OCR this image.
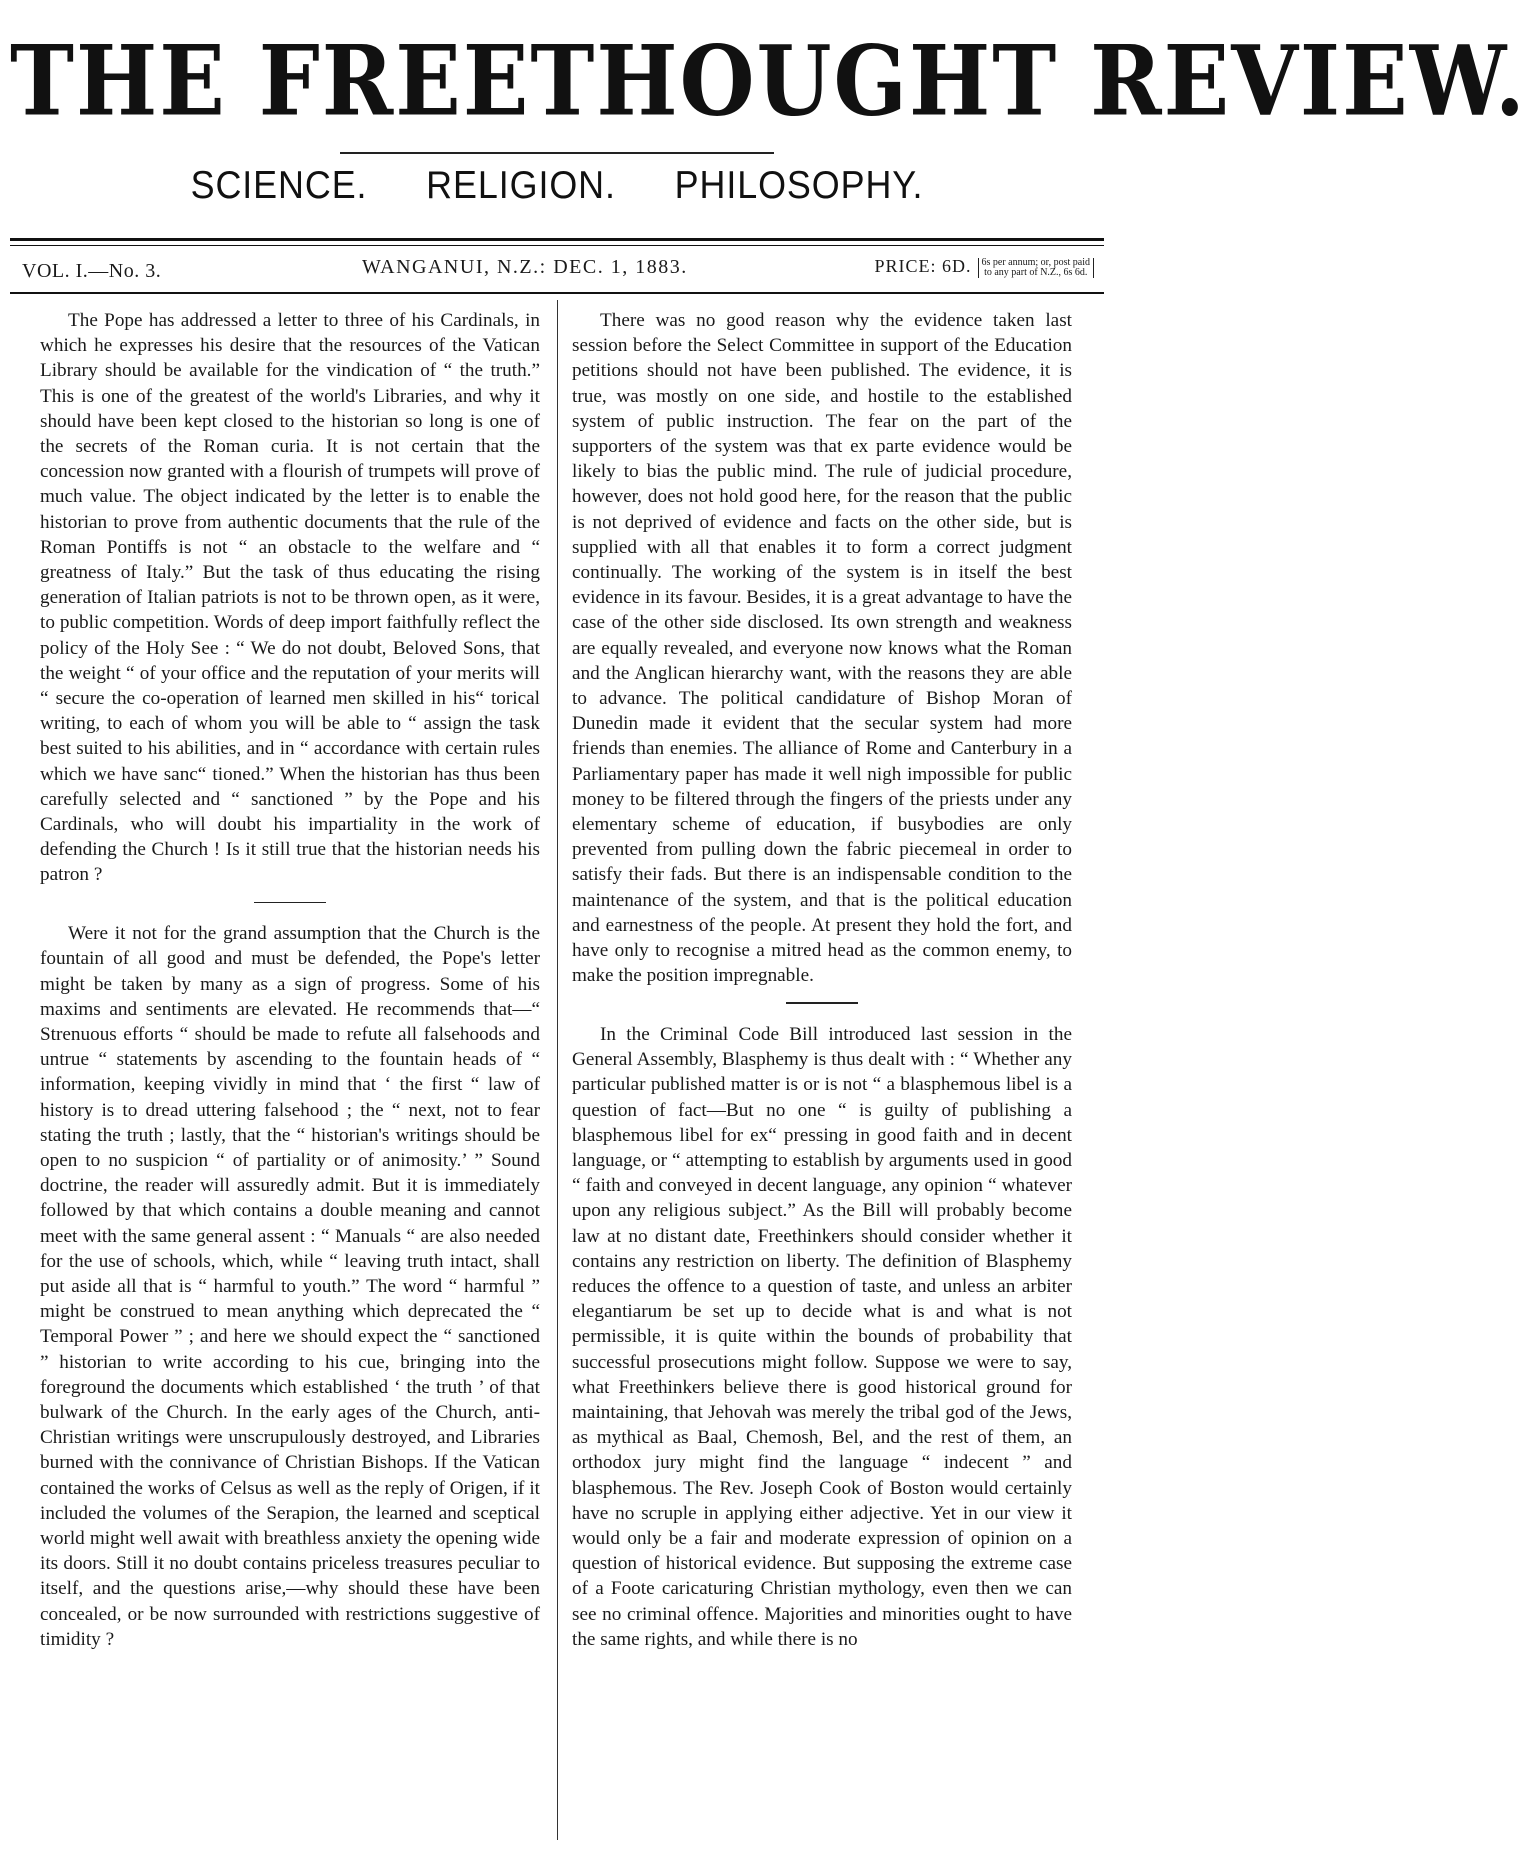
THE FREETHOUGHT REVIEW.
SCIENCE. RELIGION. PHILOSOPHY.
VOL. I.—No. 3.	WANGANUI, N.Z.: DEC. 1, 1883.	PRICE: 6D. 6s per annum; or, post paid
to any part of N.Z., 6s 6d.

The Pope has addressed a letter to three of his Cardinals, in which he expresses his desire that the resources of the Vatican Library should be available for the vindication of “ the truth.” This is one of the greatest of the world's Libraries, and why it should have been kept closed to the historian so long is one of the secrets of the Roman curia. It is not certain that the concession now granted with a flourish of trumpets will prove of much value. The object indicated by the letter is to enable the historian to prove from authentic documents that the rule of the Roman Pontiffs is not “ an obstacle to the welfare and “ greatness of Italy.” But the task of thus educating the rising generation of Italian patriots is not to be thrown open, as it were, to public competition. Words of deep import faithfully reflect the policy of the Holy See : “ We do not doubt, Beloved Sons, that the weight “ of your office and the reputation of your merits will “ secure the co-operation of learned men skilled in his“ torical writing, to each of whom you will be able to “ assign the task best suited to his abilities, and in “ accordance with certain rules which we have sanc“ tioned.” When the historian has thus been carefully selected and “ sanctioned ” by the Pope and his Cardinals, who will doubt his impartiality in the work of defending the Church ! Is it still true that the historian needs his patron ?

Were it not for the grand assumption that the Church is the fountain of all good and must be defended, the Pope's letter might be taken by many as a sign of progress. Some of his maxims and sentiments are elevated. He recommends that—“ Strenuous efforts “ should be made to refute all falsehoods and untrue “ statements by ascending to the fountain heads of “ information, keeping vividly in mind that ‘ the first “ law of history is to dread uttering falsehood ; the “ next, not to fear stating the truth ; lastly, that the “ historian's writings should be open to no suspicion “ of partiality or of animosity.’ ” Sound doctrine, the reader will assuredly admit. But it is immediately followed by that which contains a double meaning and cannot meet with the same general assent : “ Manuals “ are also needed for the use of schools, which, while “ leaving truth intact, shall put aside all that is “ harmful to youth.” The word “ harmful ” might be construed to mean anything which deprecated the “ Temporal Power ” ; and here we should expect the “ sanctioned ” historian to write according to his cue, bringing into the foreground the documents which established ‘ the truth ’ of that bulwark of the Church. In the early ages of the Church, anti-Christian writings were unscrupulously destroyed, and Libraries burned with the connivance of Christian Bishops. If the Vatican contained the works of Celsus as well as the reply of Origen, if it included the volumes of the Serapion, the learned and sceptical world might well await with breathless anxiety the opening wide its doors. Still it no doubt contains priceless treasures peculiar to itself, and the questions arise,—why should these have been concealed, or be now surrounded with restrictions suggestive of timidity ?

There was no good reason why the evidence taken last session before the Select Committee in support of the Education petitions should not have been published. The evidence, it is true, was mostly on one side, and hostile to the established system of public instruction. The fear on the part of the supporters of the system was that ex parte evidence would be likely to bias the public mind. The rule of judicial procedure, however, does not hold good here, for the reason that the public is not deprived of evidence and facts on the other side, but is supplied with all that enables it to form a correct judgment continually. The working of the system is in itself the best evidence in its favour. Besides, it is a great advantage to have the case of the other side disclosed. Its own strength and weakness are equally revealed, and everyone now knows what the Roman and the Anglican hierarchy want, with the reasons they are able to advance. The political candidature of Bishop Moran of Dunedin made it evident that the secular system had more friends than enemies. The alliance of Rome and Canterbury in a Parliamentary paper has made it well nigh impossible for public money to be filtered through the fingers of the priests under any elementary scheme of education, if busybodies are only prevented from pulling down the fabric piecemeal in order to satisfy their fads. But there is an indispensable condition to the maintenance of the system, and that is the political education and earnestness of the people. At present they hold the fort, and have only to recognise a mitred head as the common enemy, to make the position impregnable.

In the Criminal Code Bill introduced last session in the General Assembly, Blasphemy is thus dealt with : “ Whether any particular published matter is or is not “ a blasphemous libel is a question of fact—But no one “ is guilty of publishing a blasphemous libel for ex“ pressing in good faith and in decent language, or “ attempting to establish by arguments used in good “ faith and conveyed in decent language, any opinion “ whatever upon any religious subject.” As the Bill will probably become law at no distant date, Freethinkers should consider whether it contains any restriction on liberty. The definition of Blasphemy reduces the offence to a question of taste, and unless an arbiter elegantiarum be set up to decide what is and what is not permissible, it is quite within the bounds of probability that successful prosecutions might follow. Suppose we were to say, what Freethinkers believe there is good historical ground for maintaining, that Jehovah was merely the tribal god of the Jews, as mythical as Baal, Chemosh, Bel, and the rest of them, an orthodox jury might find the language “ indecent ” and blasphemous. The Rev. Joseph Cook of Boston would certainly have no scruple in applying either adjective. Yet in our view it would only be a fair and moderate expression of opinion on a question of historical evidence. But supposing the extreme case of a Foote caricaturing Christian mythology, even then we can see no criminal offence. Majorities and minorities ought to have the same rights, and while there is no
